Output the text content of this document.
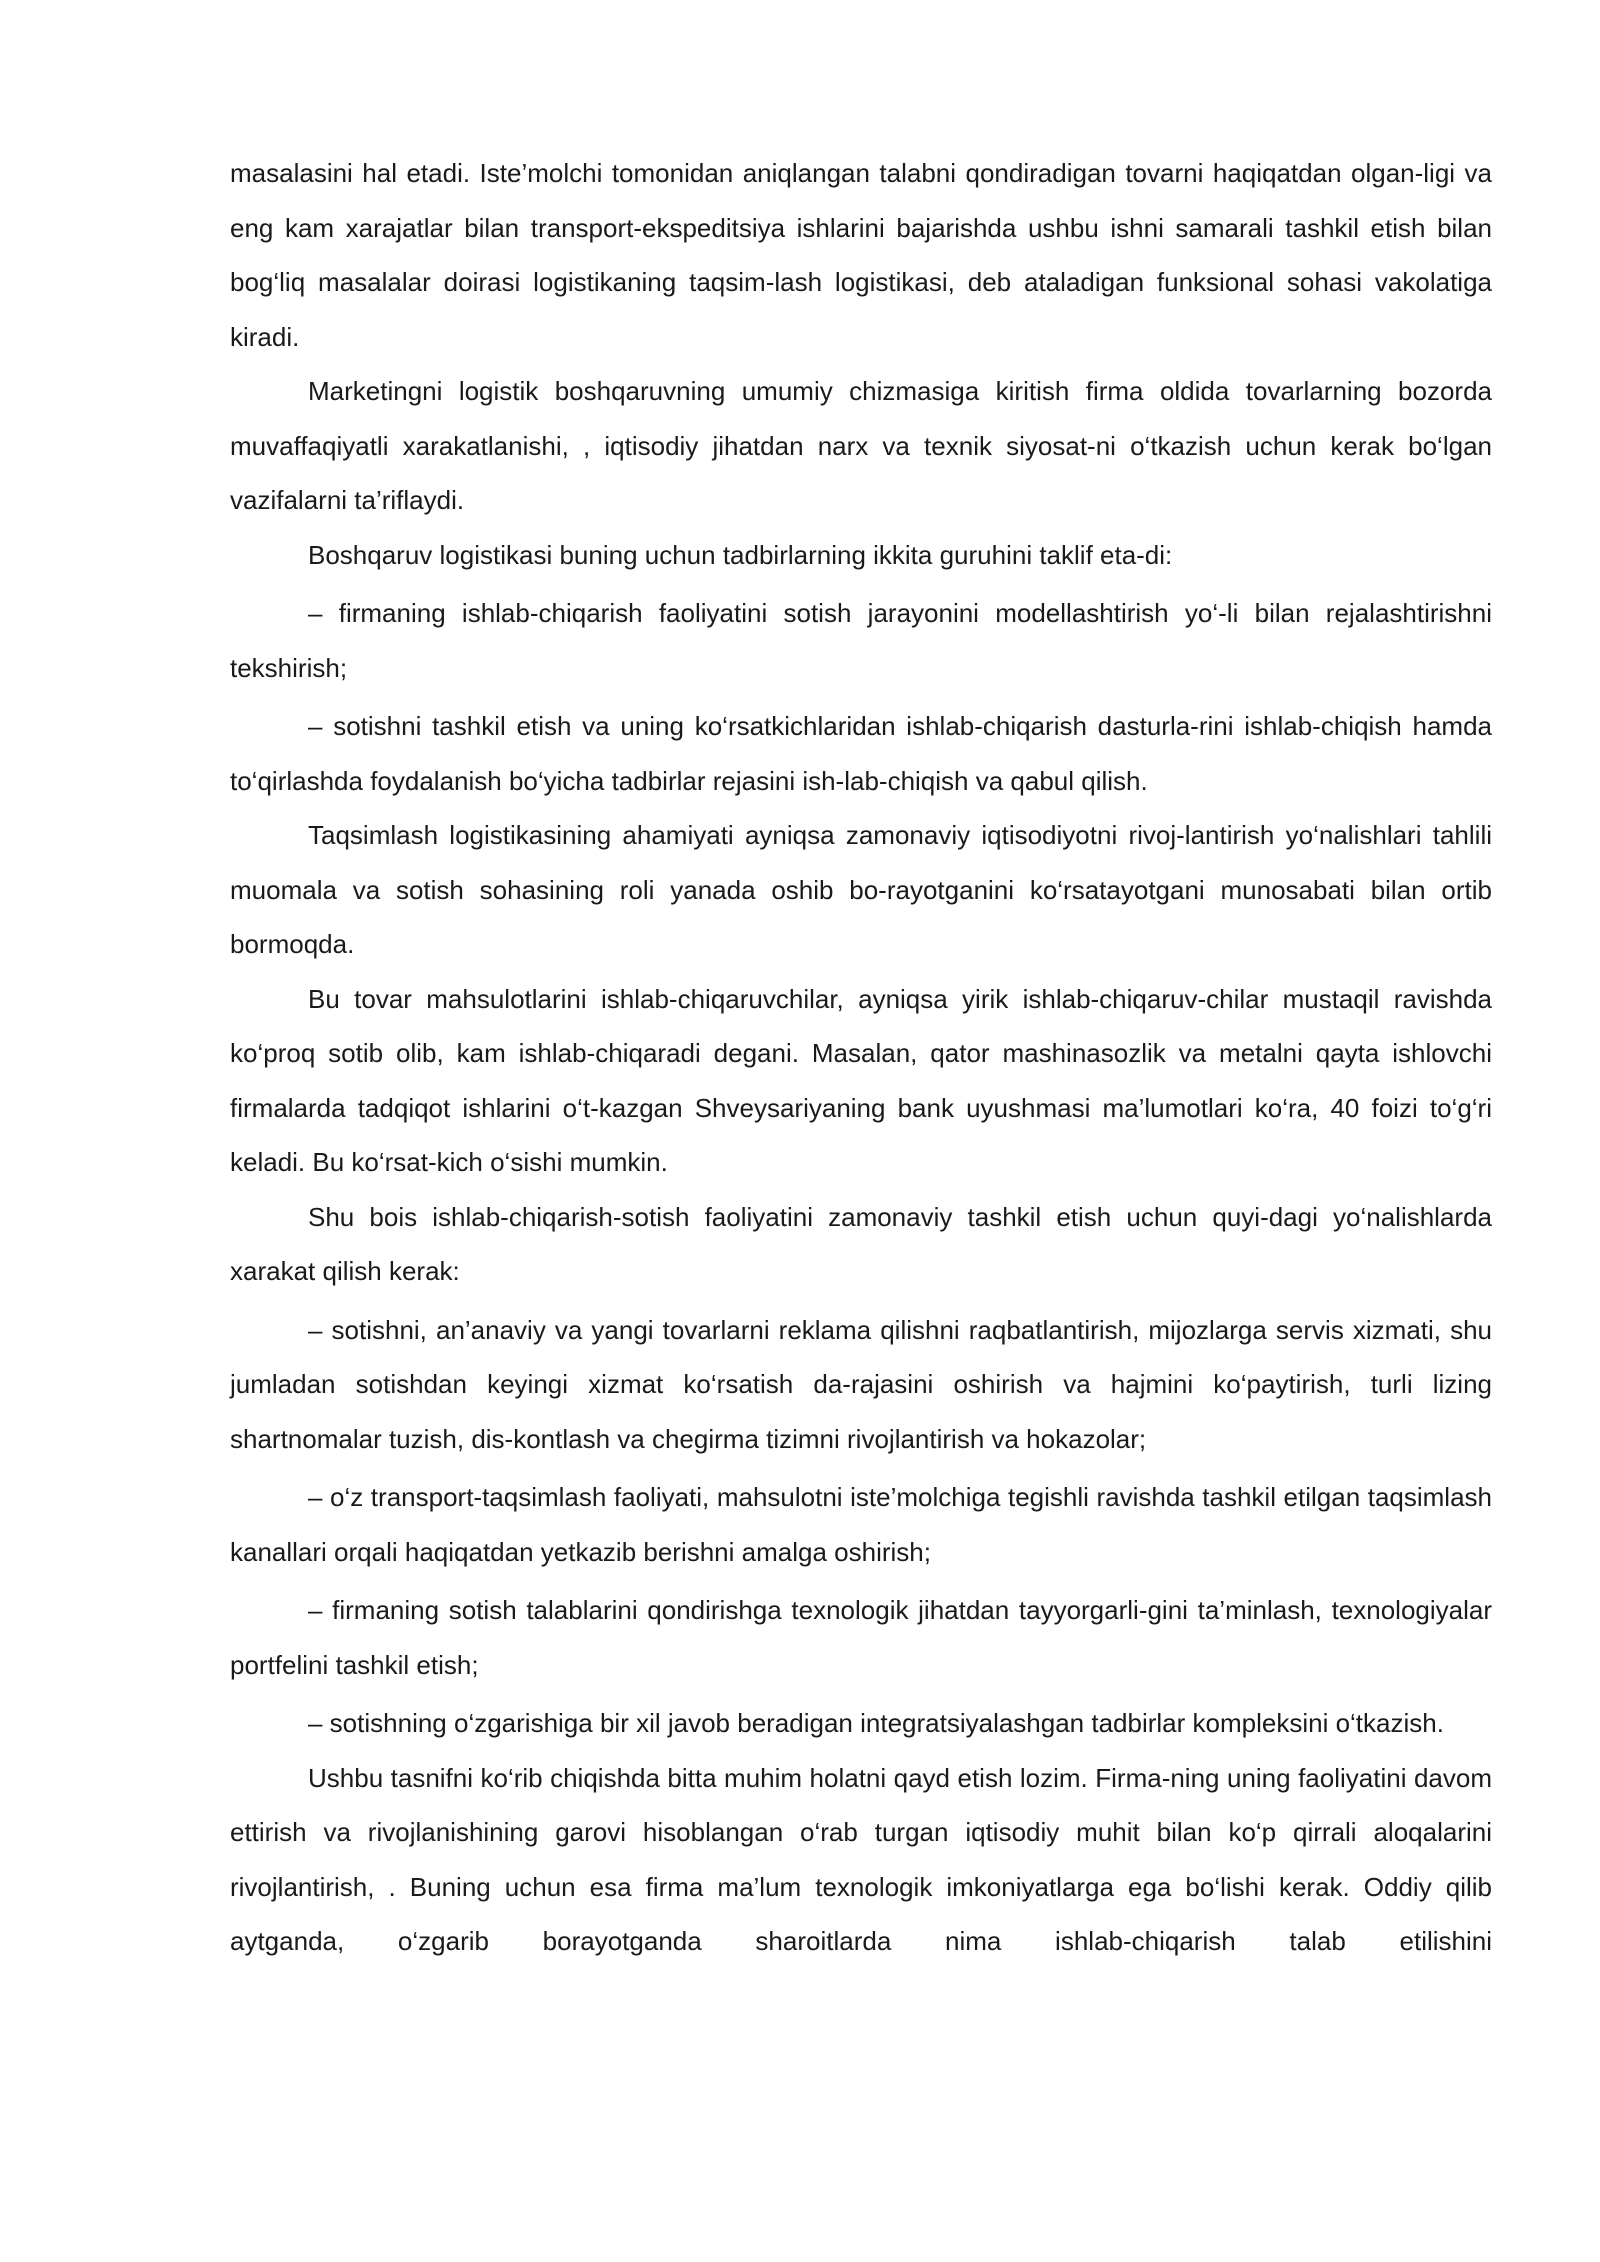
masalasini hal etadi. Iste’molchi tomonidan aniqlangan talabni qondiradigan tovarni haqiqatdan olgan-ligi va eng kam xarajatlar bilan transport-ekspeditsiya ishlarini bajarishda ushbu ishni samarali tashkil etish bilan bog‘liq masalalar doirasi logistikaning taqsim-lash logistikasi, deb ataladigan funksional sohasi vakolatiga kiradi.

Marketingni logistik boshqaruvning umumiy chizmasiga kiritish firma oldida tovarlarning bozorda muvaffaqiyatli xarakatlanishi, , iqtisodiy jihatdan narx va texnik siyosat-ni o‘tkazish uchun kerak bo‘lgan vazifalarni ta’riflaydi.

Boshqaruv logistikasi buning uchun tadbirlarning ikkita guruhini taklif eta-di:

– firmaning ishlab-chiqarish faoliyatini sotish jarayonini modellashtirish yo‘-li bilan rejalashtirishni tekshirish;

– sotishni tashkil etish va uning ko‘rsatkichlaridan ishlab-chiqarish dasturla-rini ishlab-chiqish hamda to‘qirlashda foydalanish bo‘yicha tadbirlar rejasini ish-lab-chiqish va qabul qilish.

Taqsimlash logistikasining ahamiyati ayniqsa zamonaviy iqtisodiyotni rivoj-lantirish yo‘nalishlari tahlili muomala va sotish sohasining roli yanada oshib bo-rayotganini ko‘rsatayotgani munosabati bilan ortib bormoqda.

Bu tovar mahsulotlarini ishlab-chiqaruvchilar, ayniqsa yirik ishlab-chiqaruv-chilar mustaqil ravishda ko‘proq sotib olib, kam ishlab-chiqaradi degani. Masalan, qator mashinasozlik va metalni qayta ishlovchi firmalarda tadqiqot ishlarini o‘t-kazgan Shveysariyaning bank uyushmasi ma’lumotlari ko‘ra, 40 foizi to‘g‘ri keladi. Bu ko‘rsat-kich o‘sishi mumkin.

Shu bois ishlab-chiqarish-sotish faoliyatini zamonaviy tashkil etish uchun quyi-dagi yo‘nalishlarda xarakat qilish kerak:

– sotishni, an’anaviy va yangi tovarlarni reklama qilishni raqbatlantirish, mijozlarga servis xizmati, shu jumladan sotishdan keyingi xizmat ko‘rsatish da-rajasini oshirish va hajmini ko‘paytirish, turli lizing shartnomalar tuzish, dis-kontlash va chegirma tizimni rivojlantirish va hokazolar;

– o‘z transport-taqsimlash faoliyati, mahsulotni iste’molchiga tegishli ravishda tashkil etilgan taqsimlash kanallari orqali haqiqatdan yetkazib berishni amalga oshirish;

– firmaning sotish talablarini qondirishga texnologik jihatdan tayyorgarli-gini ta’minlash, texnologiyalar portfelini tashkil etish;

– sotishning o‘zgarishiga bir xil javob beradigan integratsiyalashgan tadbirlar kompleksini o‘tkazish.

Ushbu tasnifni ko‘rib chiqishda bitta muhim holatni qayd etish lozim. Firma-ning uning faoliyatini davom ettirish va rivojlanishining garovi hisoblangan o‘rab turgan iqtisodiy muhit bilan ko‘p qirrali aloqalarini rivojlantirish, . Buning uchun esa firma ma’lum texnologik imkoniyatlarga ega bo‘lishi kerak. Oddiy qilib aytganda, o‘zgarib borayotganda sharoitlarda nima ishlab-chiqarish talab etilishini
